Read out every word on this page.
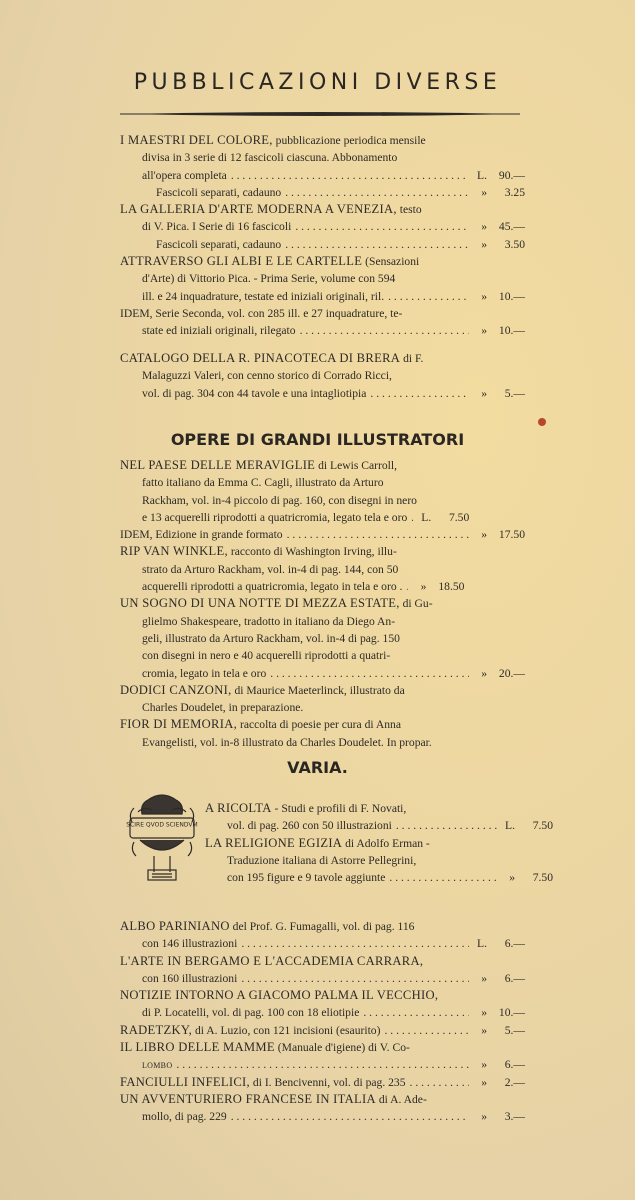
PUBBLICAZIONI DIVERSE
I MAESTRI DEL COLORE, pubblicazione periodica mensile
divisa in 3 serie di 12 fascicoli ciascuna. Abbonamento
all'opera completa . . .	L.	90.—
Fascicoli separati, cadauno . . .	»	3.25
LA GALLERIA D'ARTE MODERNA A VENEZIA, testo
di V. Pica. I Serie di 16 fascicoli . . .	»	45.—
Fascicoli separati, cadauno . . .	»	3.50
ATTRAVERSO GLI ALBI E LE CARTELLE (Sensazioni
d'Arte) di Vittorio Pica. - Prima Serie, volume con 594
ill. e 24 inquadrature, testate ed iniziali originali, ril. . . .	»	10.—
IDEM, Serie Seconda, vol. con 285 ill. e 27 inquadrature, te-
state ed iniziali originali, rilegato . . .	»	10.—
CATALOGO DELLA R. PINACOTECA DI BRERA di F.
Malaguzzi Valeri, con cenno storico di Corrado Ricci,
vol. di pag. 304 con 44 tavole e una intagliotipia . . .	»	5.—
OPERE DI GRANDI ILLUSTRATORI
NEL PAESE DELLE MERAVIGLIE di Lewis Carroll,
fatto italiano da Emma C. Cagli, illustrato da Arturo
Rackham, vol. in-4 piccolo di pag. 160, con disegni in nero
e 13 acquerelli riprodotti a quatricromia, legato tela e oro . . .	L.	7.50
IDEM, Edizione in grande formato . . .	»	17.50
RIP VAN WINKLE, racconto di Washington Irving, illu-
strato da Arturo Rackham, vol. in-4 di pag. 144, con 50
acquerelli riprodotti a quatricromia, legato in tela e oro . . . .	»	18.50
UN SOGNO DI UNA NOTTE DI MEZZA ESTATE, di Gu-
glielmo Shakespeare, tradotto in italiano da Diego An-
geli, illustrato da Arturo Rackham, vol. in-4 di pag. 150
con disegni in nero e 40 acquerelli riprodotti a quatri-
cromia, legato in tela e oro . . .	»	20.—
DODICI CANZONI, di Maurice Maeterlinck, illustrato da
Charles Doudelet, in preparazione.
FIOR DI MEMORIA, raccolta di poesie per cura di Anna
Evangelisti, vol. in-8 illustrato da Charles Doudelet. In propar.
VARIA.
SCIRE QVOD SCIENDVM
A RICOLTA - Studi e profili di F. Novati,
vol. di pag. 260 con 50 illustrazioni . . .	L.	7.50
LA RELIGIONE EGIZIA di Adolfo Erman -
Traduzione italiana di Astorre Pellegrini,
con 195 figure e 9 tavole aggiunte . . .	»	7.50
ALBO PARINIANO del Prof. G. Fumagalli, vol. di pag. 116
con 146 illustrazioni . . .	L.	6.—
L'ARTE IN BERGAMO E L'ACCADEMIA CARRARA,
con 160 illustrazioni . . .	»	6.—
NOTIZIE INTORNO A GIACOMO PALMA IL VECCHIO,
di P. Locatelli, vol. di pag. 100 con 18 eliotipie . . .	»	10.—
RADETZKY, di A. Luzio, con 121 incisioni (esaurito) . . .	»	5.—
IL LIBRO DELLE MAMME (Manuale d'igiene) di V. Co-
lombo . . .	»	6.—
FANCIULLI INFELICI, di I. Bencivenni, vol. di pag. 235 . . .	»	2.—
UN AVVENTURIERO FRANCESE IN ITALIA di A. Ade-
mollo, di pag. 229 . . .	»	3.—
